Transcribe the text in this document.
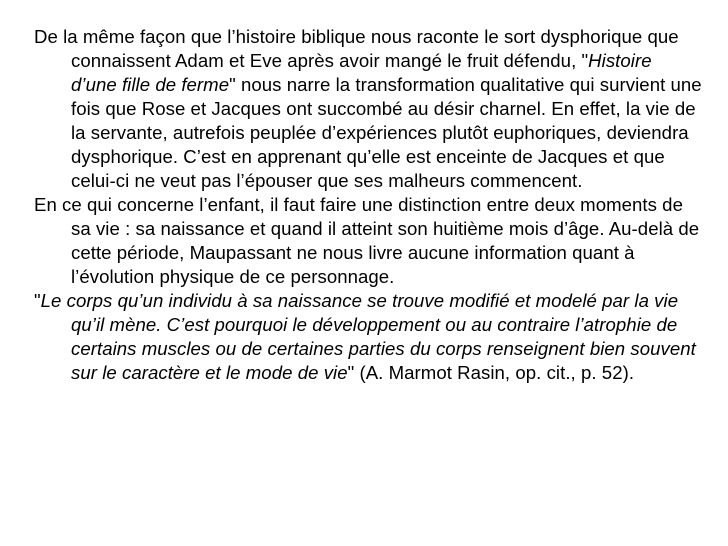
De la même façon que l’histoire biblique nous raconte le sort dysphorique que connaissent Adam et Eve après avoir mangé le fruit défendu, "Histoire d’une fille de ferme" nous narre la transformation qualitative qui survient une fois que Rose et Jacques ont succombé au désir charnel. En effet, la vie de la servante, autrefois peuplée d’expériences plutôt euphoriques, deviendra dysphorique. C’est en apprenant qu’elle est enceinte de Jacques et que celui-ci ne veut pas l’épouser que ses malheurs commencent.

En ce qui concerne l’enfant, il faut faire une distinction entre deux moments de sa vie : sa naissance et quand il atteint son huitième mois d’âge. Au-delà de cette période, Maupassant ne nous livre aucune information quant à l’évolution physique de ce personnage.

"Le corps qu’un individu à sa naissance se trouve modifié et modelé par la vie qu’il mène. C’est pourquoi le développement ou au contraire l’atrophie de certains muscles ou de certaines parties du corps renseignent bien souvent sur le caractère et le mode de vie" (A. Marmot Rasin, op. cit., p. 52).
